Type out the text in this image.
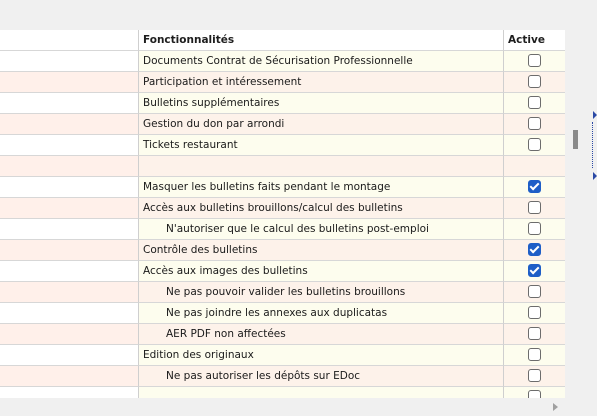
Fonctionnalités	Active
Documents Contrat de Sécurisation Professionnelle
Participation et intéressement
Bulletins supplémentaires
Gestion du don par arrondi
Tickets restaurant
Masquer les bulletins faits pendant le montage
Accès aux bulletins brouillons/calcul des bulletins
N'autoriser que le calcul des bulletins post-emploi
Contrôle des bulletins
Accès aux images des bulletins
Ne pas pouvoir valider les bulletins brouillons
Ne pas joindre les annexes aux duplicatas
AER PDF non affectées
Edition des originaux
Ne pas autoriser les dépôts sur EDoc
